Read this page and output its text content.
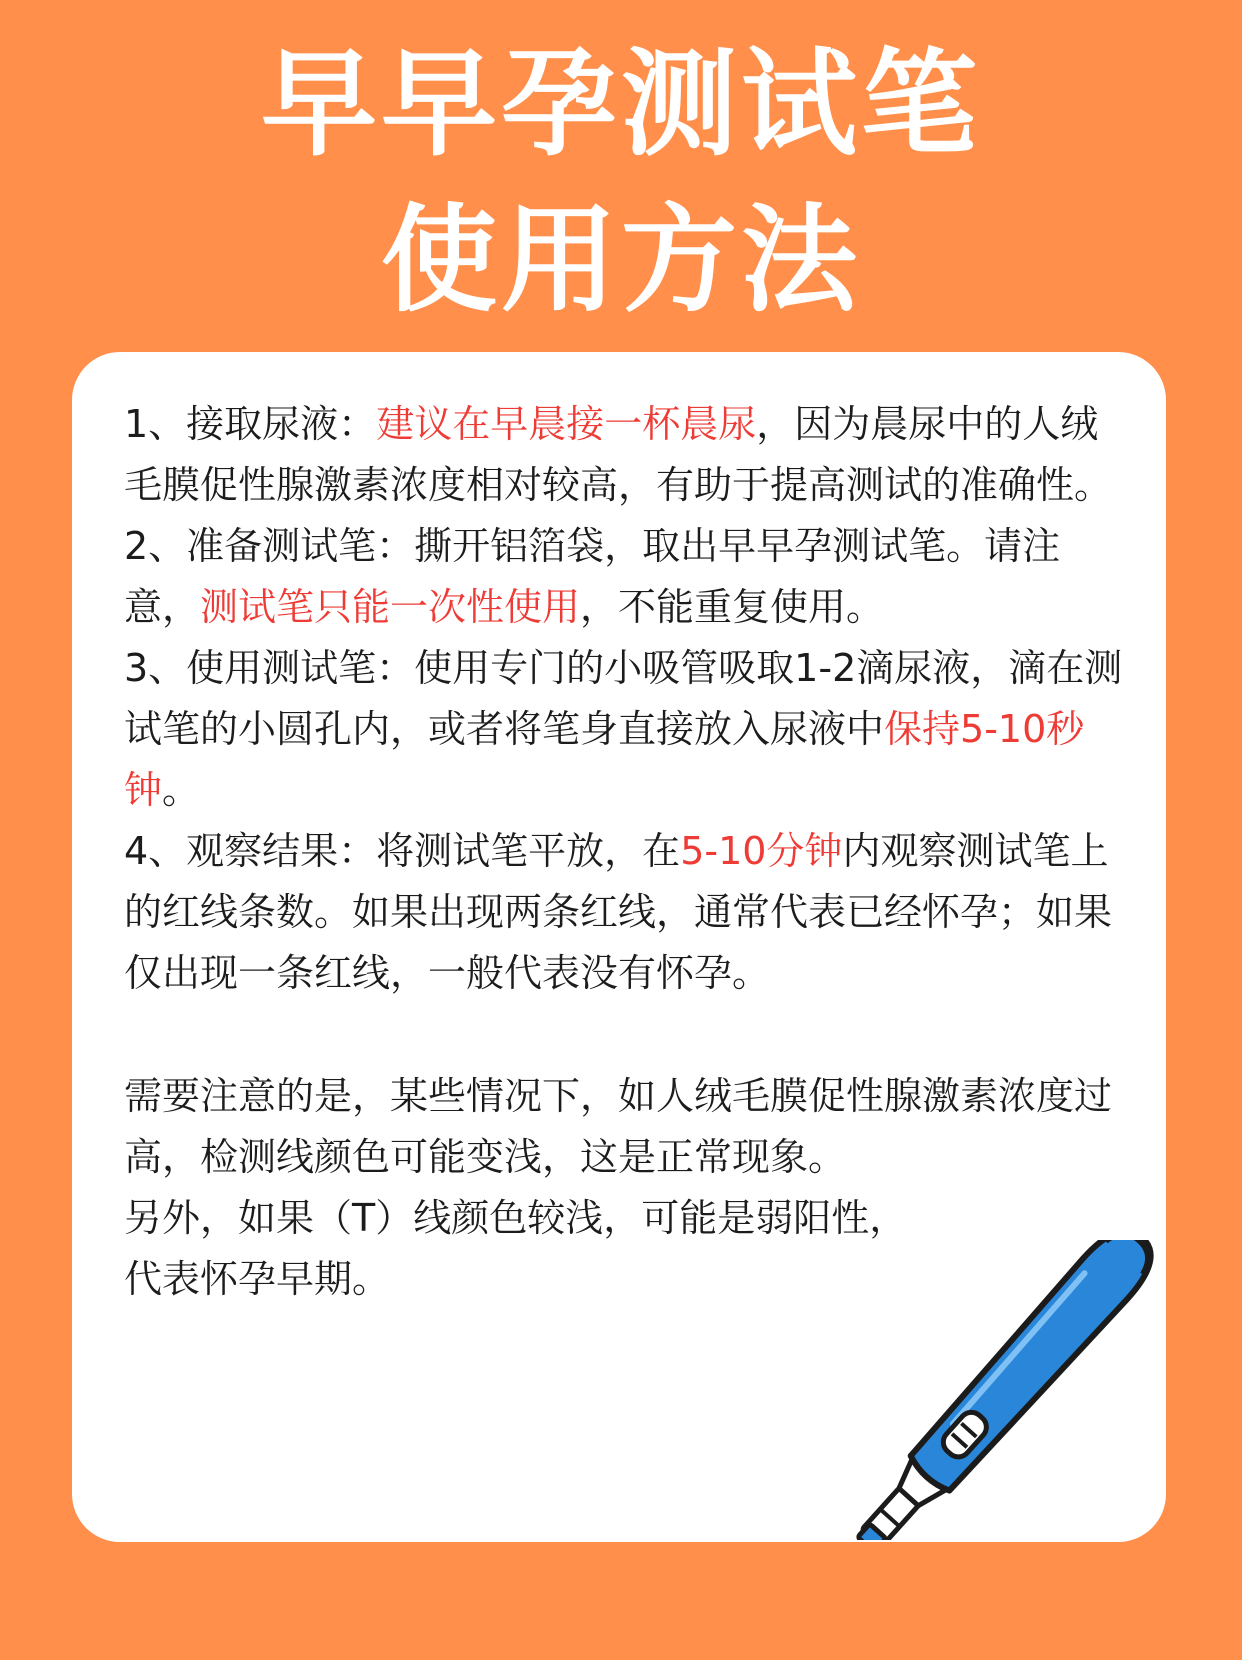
早早孕测试笔
使用方法

1、接取尿液：建议在早晨接一杯晨尿，因为晨尿中的人绒毛膜促性腺激素浓度相对较高，有助于提高测试的准确性。

2、准备测试笔：撕开铝箔袋，取出早早孕测试笔。请注意，测试笔只能一次性使用，不能重复使用。

3、使用测试笔：使用专门的小吸管吸取1-2滴尿液，滴在测试笔的小圆孔内，或者将笔身直接放入尿液中保持5-10秒钟。

4、观察结果：将测试笔平放，在5-10分钟内观察测试笔上的红线条数。如果出现两条红线，通常代表已经怀孕；如果仅出现一条红线，一般代表没有怀孕。

需要注意的是，某些情况下，如人绒毛膜促性腺激素浓度过高，检测线颜色可能变浅，这是正常现象。

另外，如果（T）线颜色较浅，可能是弱阳性，

代表怀孕早期。
